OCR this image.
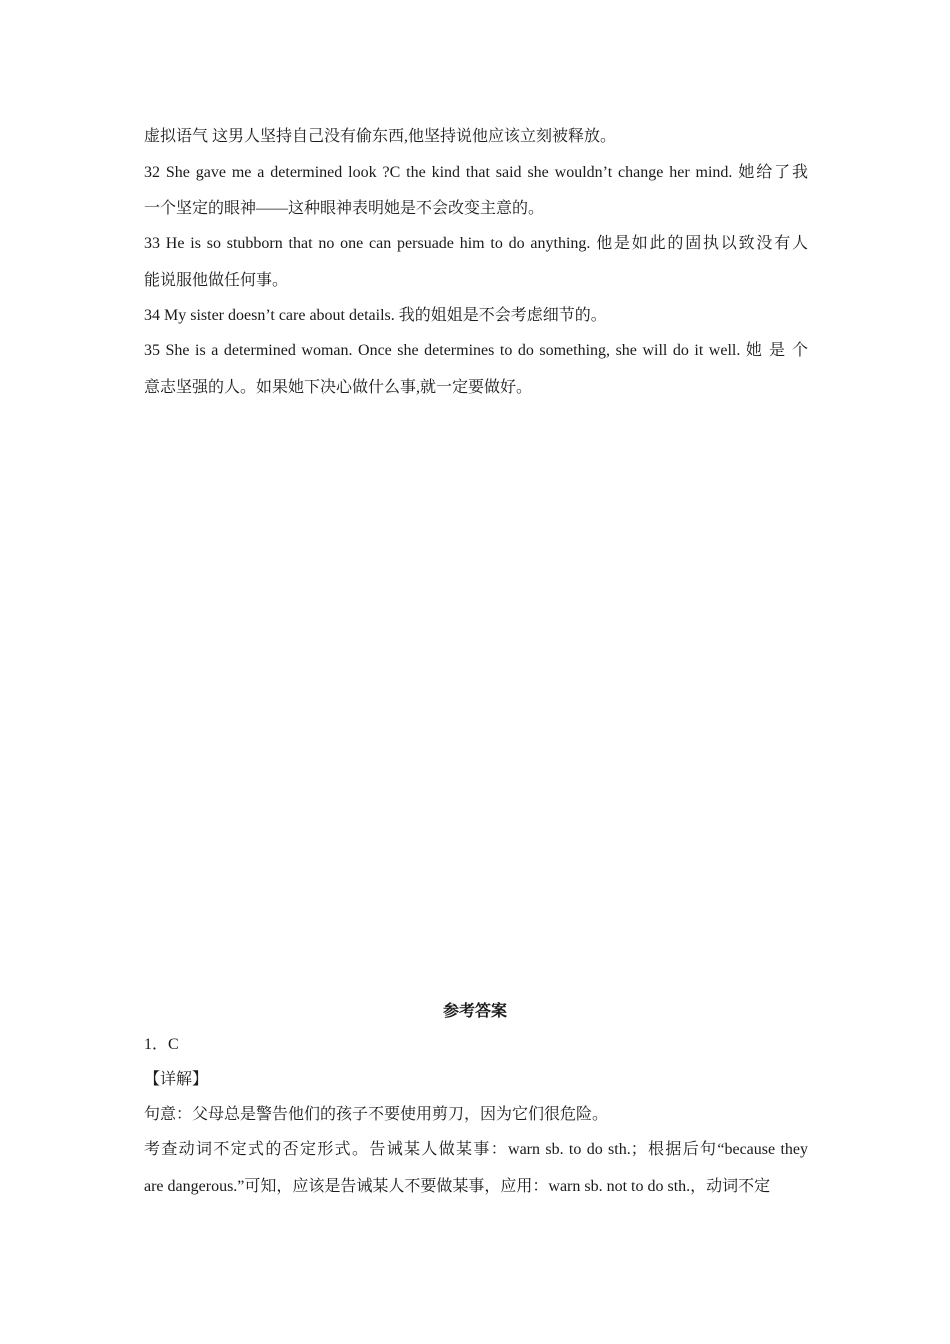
虚拟语气 这男人坚持自己没有偷东西,他坚持说他应该立刻被释放。
32 She gave me a determined look ?C the kind that said she wouldn’t change her mind. 她给了我
一个坚定的眼神——这种眼神表明她是不会改变主意的。
33 He is so stubborn that no one can persuade him to do anything. 他是如此的固执以致没有人
能说服他做任何事。
34 My sister doesn’t care about details. 我的姐姐是不会考虑细节的。
35 She is a determined woman. Once she determines to do something, she will do it well. 她 是 个
意志坚强的人。如果她下决心做什么事,就一定要做好。
参考答案
1．C
【详解】
句意：父母总是警告他们的孩子不要使用剪刀，因为它们很危险。
考查动词不定式的否定形式。告诫某人做某事：warn sb. to do sth.；根据后句“because they
are dangerous.”可知，应该是告诫某人不要做某事，应用：warn sb. not to do sth.，动词不定
